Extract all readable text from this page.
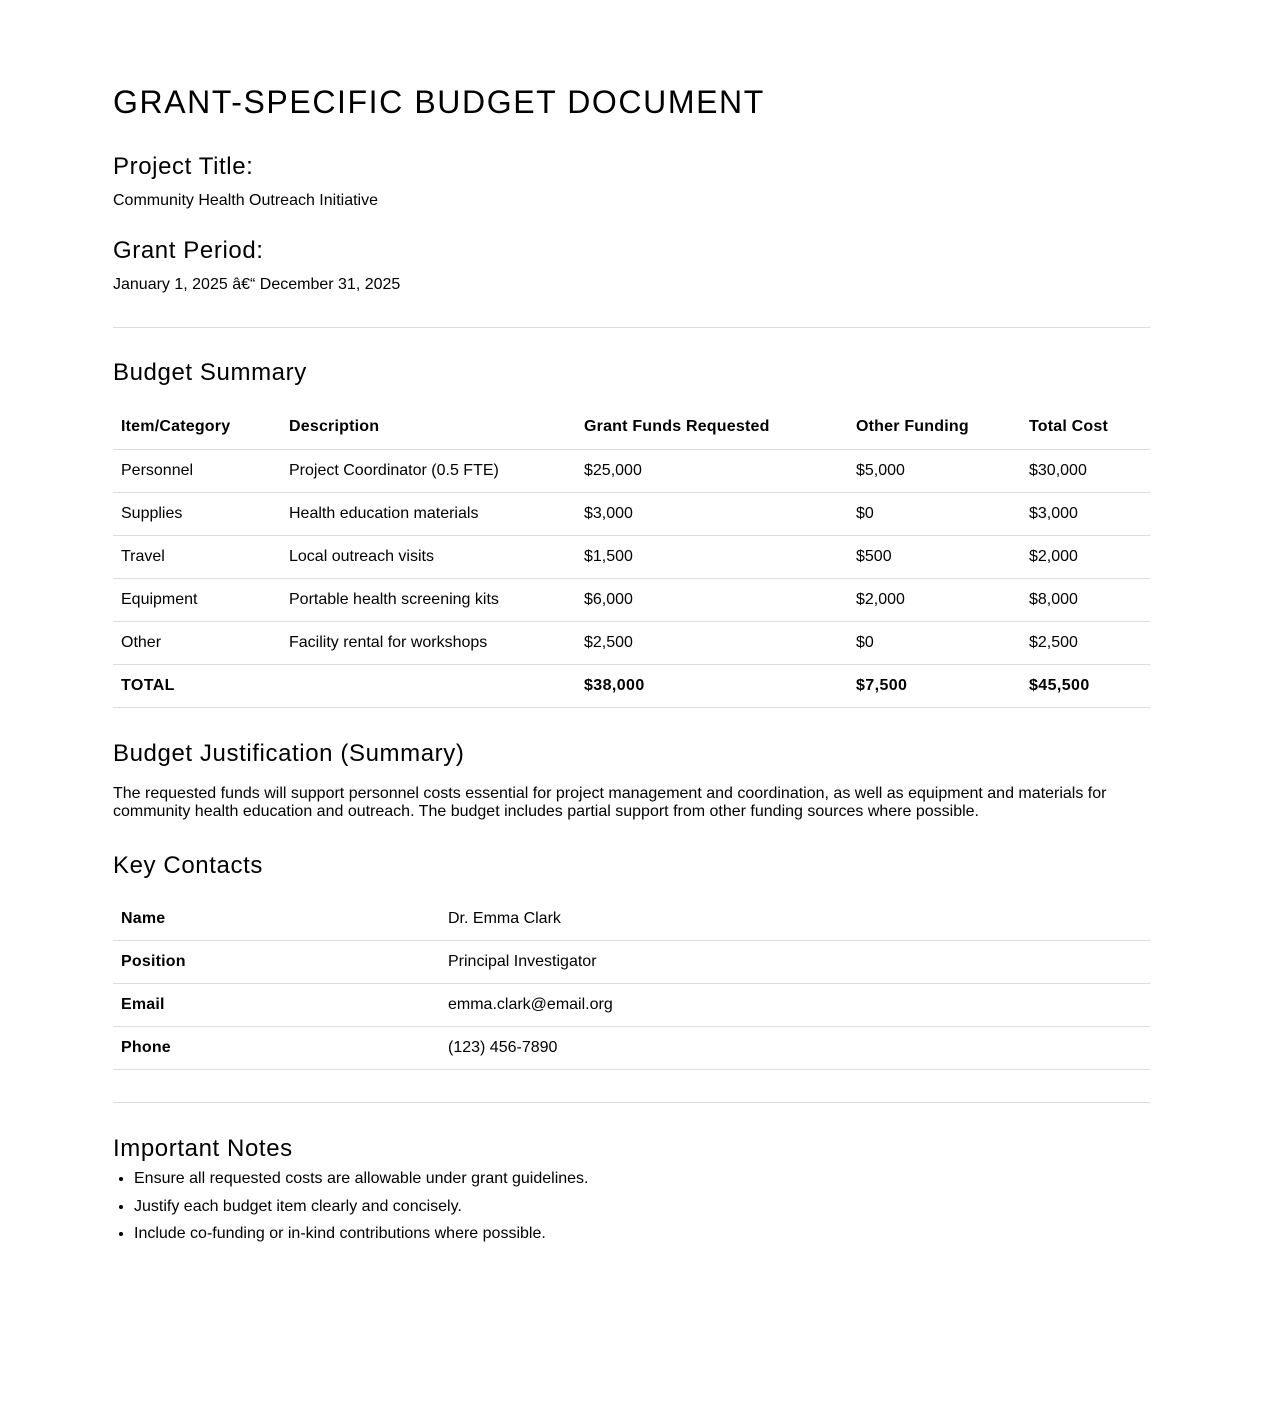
GRANT-SPECIFIC BUDGET DOCUMENT
Project Title:

Community Health Outreach Initiative

Grant Period:

January 1, 2025 â€“ December 31, 2025

Budget Summary
Item/Category	Description	Grant Funds Requested	Other Funding	Total Cost
Personnel	Project Coordinator (0.5 FTE)	$25,000	$5,000	$30,000
Supplies	Health education materials	$3,000	$0	$3,000
Travel	Local outreach visits	$1,500	$500	$2,000
Equipment	Portable health screening kits	$6,000	$2,000	$8,000
Other	Facility rental for workshops	$2,500	$0	$2,500
TOTAL		$38,000	$7,500	$45,500
Budget Justification (Summary)

The requested funds will support personnel costs essential for project management and coordination, as well as equipment and materials for community health education and outreach. The budget includes partial support from other funding sources where possible.

Key Contacts
Name	Dr. Emma Clark
Position	Principal Investigator
Email	emma.clark@email.org
Phone	(123) 456-7890
Important Notes
• Ensure all requested costs are allowable under grant guidelines.
• Justify each budget item clearly and concisely.
• Include co-funding or in-kind contributions where possible.
